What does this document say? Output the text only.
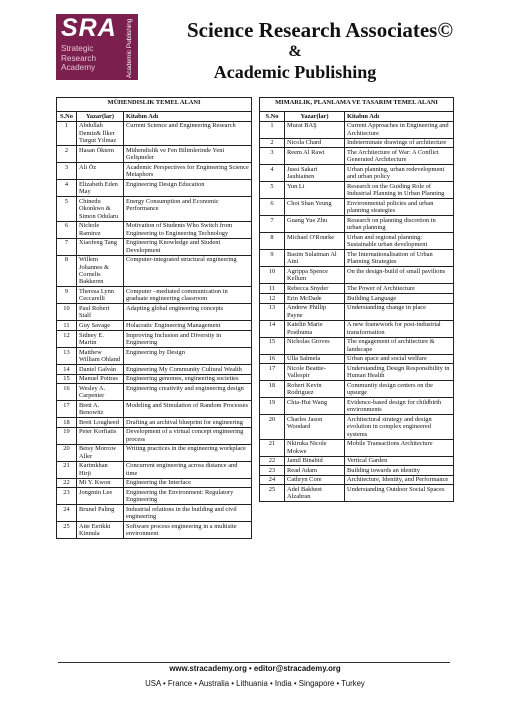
SRA
Strategic
Research
Academy	Academic Publishing	Science Research Associates©
&
Academic Publishing
MÜHENDISLIK TEMEL ALANI		
S.No	Yazar(lar)	Kitabın Adı
1	Abdullah Demiz& İlker Turgut Yılmaz	Current Science and Engineering Research
2	Hasan Öktem	Mühendislik ve Fen Bilimlerinde Yeni Gelişmeler
3	Ali Öz	Academic Perspectives for Engineering Science Metaphors
4	Elizabeth Eden May	Engineering Design Education
5	Chinedu Okonkwo & Simon Odularu	Energy Consumption and Economic Performance
6	Nichole Ramirez	Motivation of Students Who Switch from Engineering to Engineering Technology
7	Xiaofeng Tang	Engineering Knowledge and Student Development
8	Willem Johannes & Cornelis Bakkeren	Computer-integrated structural engineering
9	Theresa Lynn Ceccarelli	Computer –mediated communication in graduate engineering classroom
10	Paul Robert Stalf	Adapting global engineering concepts
11	Guy Savage	Holacratic Engineering Management
12	Sidney E. Martin	Improving Inclusion and Diversity in Engineering
13	Matthew William Ohland	Engineering by Design
14	Daniel Galván	Engineering My Community Cultural Wealth
15	Manuel Poitras	Engineering genomes, engineering societies
16	Wesley A. Carpenter	Engineering creativity and engineering design
17	Brett A. Benowitz	Modeling and Simulation of Random Processes
18	Brett Lougheed	Drafting an archival blueprint for engineering
19	Peter Korfiatis	Development of a virtual concept engineering process
20	Betsy Morrow Aller	Writing practices in the engineering workplace
21	Karimkhan Hirji	Concurrent engineering across distance and time
22	Mi Y. Kwon	Engineering the Interface
23	Jongmin Lee	Engineering the Environment: Regulatory Engineering
24	Brunel Paling	Industrial relations in the building and civil engineering
25	Atte Eerikki Kinnula	Software process engineering in a multisite environment
MIMARLIK, PLANLAMA VE TASARIM TEMEL ALANI		
S.No	Yazar(lar)	Kitabın Adı
1	Murat BAŞ	Current Approaches in Engineering and Architecture
2	Nicola Chard	Indeterminate drawings of architecture
3	Reem Al Rawi	The Architecture of War: A Conflict Generated Architecture
4	Jussi Sakari Jauhiainen	Urban planning, urban redevelopment and urban policy
5	Yun Li	Research on the Guiding Role of Industrial Planning in Urban Planning
6	Choi Shan Yeung	Environmental policies and urban planning strategies
7	Guang Yue Zhu	Research on planning discretion in urban planning
8	Michael O'Rourke	Urban and regional planning: Sustainable urban development
9	Basim Sulaiman Al Atni	The Internationalisation of Urban Planning Strategies
10	Agrippa Spence Kellum	On the design-build of small pavilions
11	Rebecca Snyder	The Power of Architecture
12	Erin McDade	Building Language
13	Andrew Phillip Payne	Understanding change in place
14	Katelin Marie Posthuma	A new framework for post-industrial transformation
15	Nicholas Groves	The engagement of architecture & landscape
16	Ulla Salmela	Urban space and social welfare
17	Nicole Beattie-Vallespir	Understanding Design Responsibility in Human Health
18	Robert Kevin Rodriguez	Community design centers on the upsurge
19	Chia-Hui Wang	Evidence-based design for childbirth environments
20	Charles Jason Woodard	Architectural strategy and design evolution in complex engineered systems
21	Nkiruka Nicole Mokwe	Mobile Transactions Architecture
22	Jamil Binabid	Vertical Garden
23	Read Adam	Building towards an identity
24	Cathryn Core	Architecture, Identity, and Performance
25	Adel Bakheet Alzahran	Understanding Outdoor Social Spaces
www.stracademy.org • editor@stracademy.org
USA • France • Australia • Lithuania • India • Singapore • Turkey
